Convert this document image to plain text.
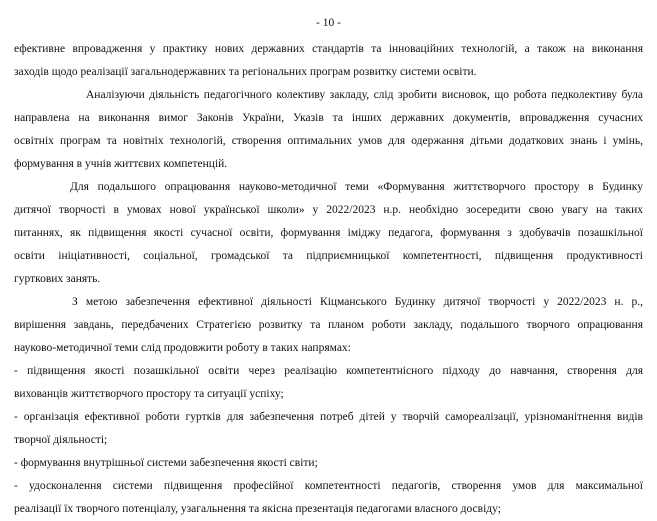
- 10 -
ефективне впровадження у практику нових державних стандартів та інноваційних технологій, а також на виконання
заходів щодо реалізації загальнодержавних та регіональних програм розвитку системи освіти.
Аналізуючи діяльність педагогічного колективу закладу, слід зробити висновок, що робота педколективу була
направлена на виконання вимог Законів України, Указів та інших державних документів, впровадження сучасних
освітніх програм та новітніх технологій, створення оптимальних умов для одержання дітьми додаткових знань і умінь,
формування в учнів життєвих компетенцій.
Для подальшого опрацювання науково-методичної теми «Формування життєтворчого простору в Будинку
дитячої творчості в умовах нової української школи» у 2022/2023 н.р. необхідно зосередити свою увагу на таких
питаннях, як підвищення якості сучасної освіти, формування іміджу педагога, формування з здобувачів позашкільної
освіти ініціативності, соціальної, громадської та підприємницької компетентності, підвищення продуктивності
гурткових занять.
З метою забезпечення ефективної діяльності Кіцманського Будинку дитячої творчості у 2022/2023 н. р.,
вирішення завдань, передбачених Стратегією розвитку та планом роботи закладу, подальшого творчого опрацювання
науково-методичної теми слід продовжити роботу в таких напрямах:
- підвищення якості позашкільної освіти через реалізацію компетентнісного підходу до навчання, створення для
вихованців життєтворчого простору та ситуації успіху;
- організація ефективної роботи гуртків для забезпечення потреб дітей у творчій самореалізації, урізноманітнення видів
творчої діяльності;
- формування внутрішньої системи забезпечення якості світи;
- удосконалення системи підвищення професійної компетентності педагогів, створення умов для максимальної
реалізації їх творчого потенціалу, узагальнення та якісна презентація педагогами власного досвіду;
